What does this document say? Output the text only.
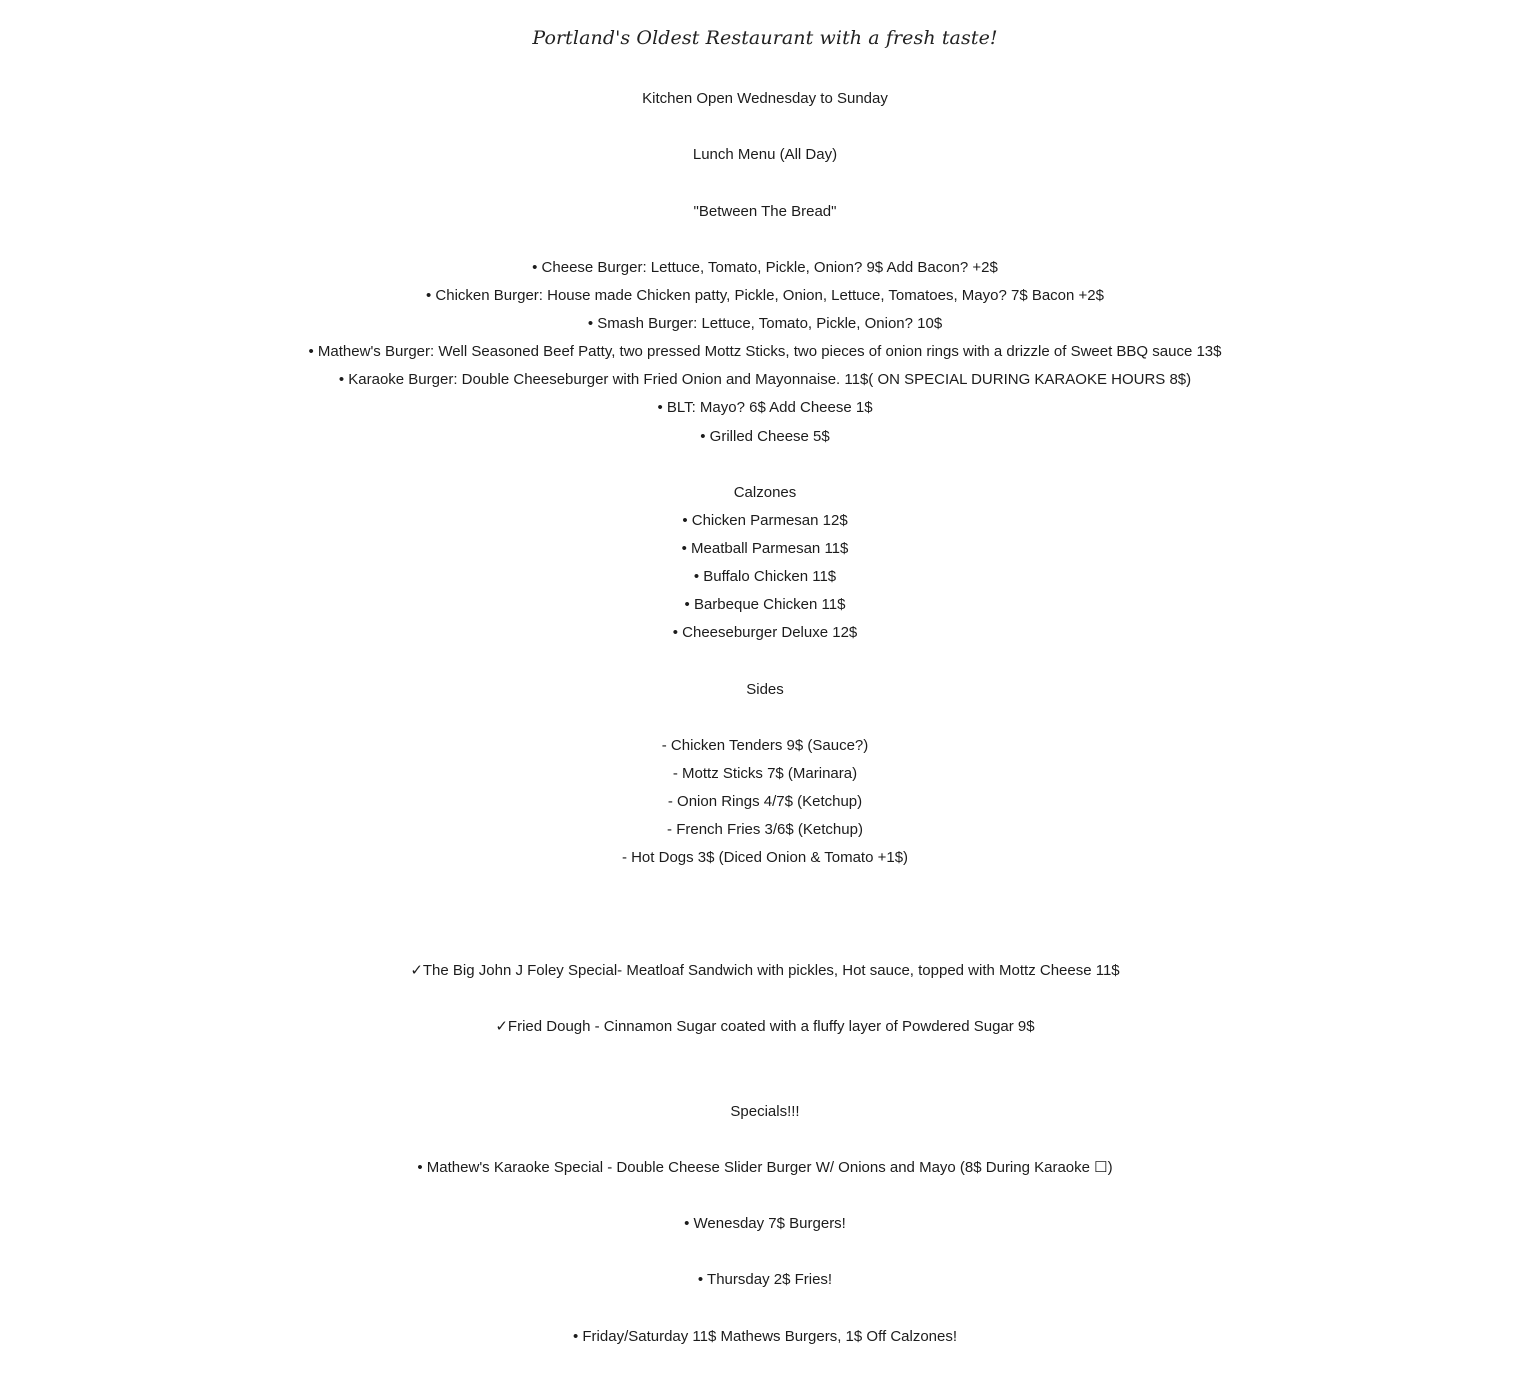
Portland's Oldest Restaurant with a fresh taste!
Kitchen Open Wednesday to Sunday
Lunch Menu (All Day)
"Between The Bread"
• Cheese Burger: Lettuce, Tomato, Pickle, Onion? 9$ Add Bacon? +2$
• Chicken Burger: House made Chicken patty, Pickle, Onion, Lettuce, Tomatoes, Mayo? 7$ Bacon +2$
• Smash Burger: Lettuce, Tomato, Pickle, Onion? 10$
• Mathew's Burger: Well Seasoned Beef Patty, two pressed Mottz Sticks, two pieces of onion rings with a drizzle of Sweet BBQ sauce 13$
• Karaoke Burger: Double Cheeseburger with Fried Onion and Mayonnaise. 11$( ON SPECIAL DURING KARAOKE HOURS 8$)
• BLT: Mayo? 6$ Add Cheese 1$
• Grilled Cheese 5$
Calzones
• Chicken Parmesan 12$
• Meatball Parmesan 11$
• Buffalo Chicken 11$
• Barbeque Chicken 11$
• Cheeseburger Deluxe 12$
Sides
- Chicken Tenders 9$ (Sauce?)
- Mottz Sticks 7$ (Marinara)
- Onion Rings 4/7$ (Ketchup)
- French Fries 3/6$ (Ketchup)
- Hot Dogs 3$ (Diced Onion & Tomato +1$)
✓The Big John J Foley Special- Meatloaf Sandwich with pickles, Hot sauce, topped with Mottz Cheese 11$
✓Fried Dough - Cinnamon Sugar coated with a fluffy layer of Powdered Sugar 9$
Specials!!!
• Mathew's Karaoke Special - Double Cheese Slider Burger W/ Onions and Mayo (8$ During Karaoke ☐)
• Wenesday 7$ Burgers!
• Thursday 2$ Fries!
• Friday/Saturday 11$ Mathews Burgers, 1$ Off Calzones!
